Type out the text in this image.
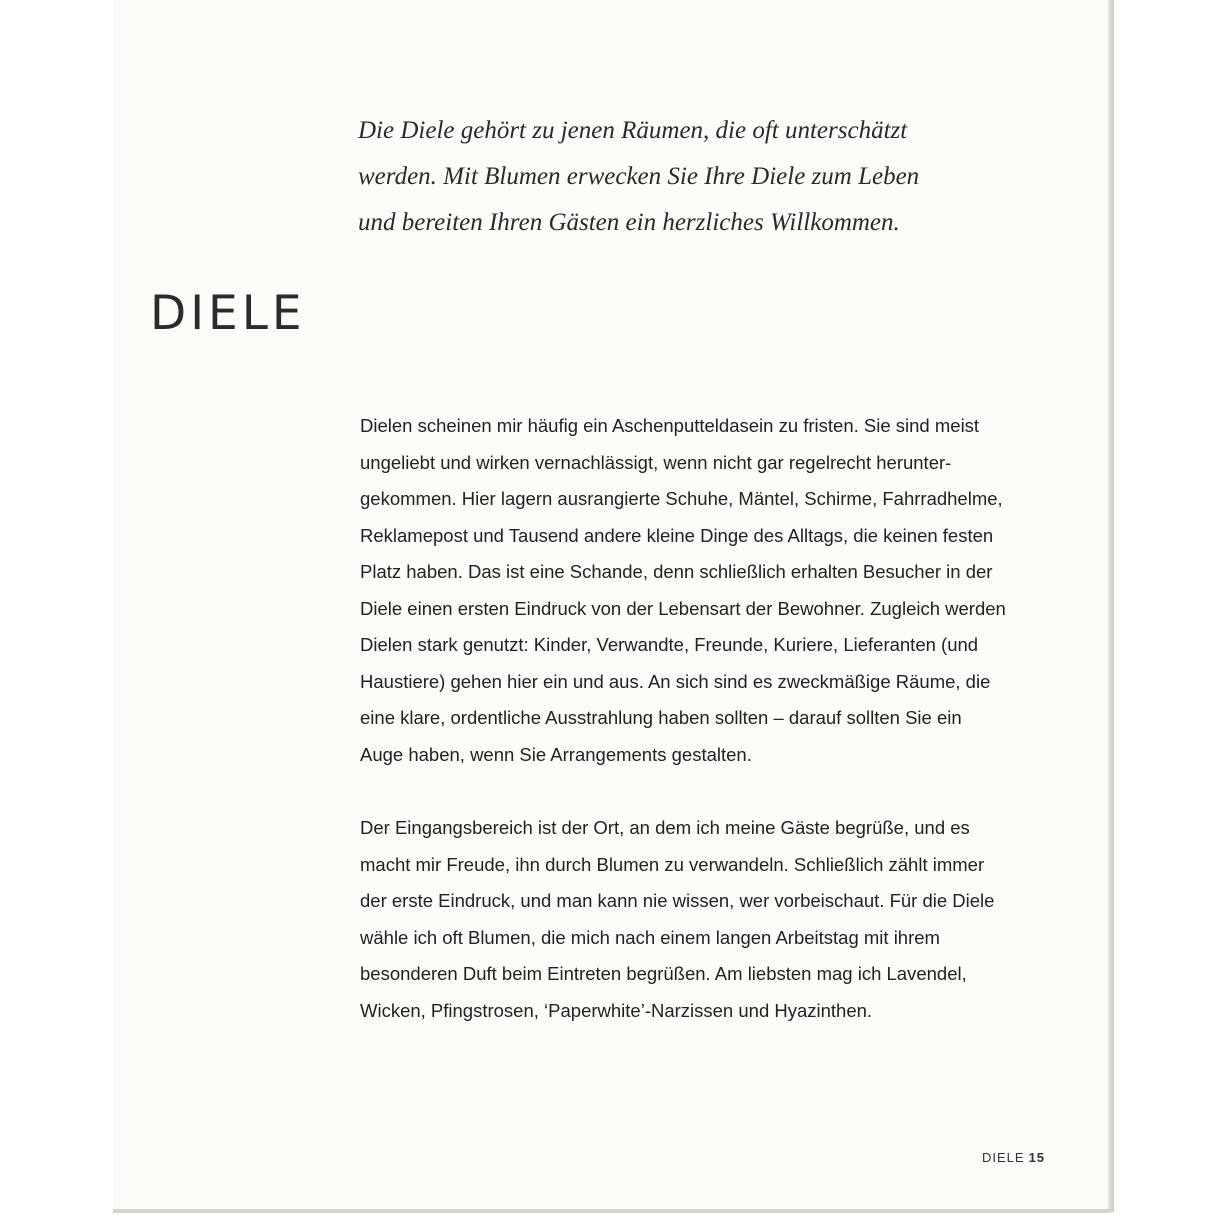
Die Diele gehört zu jenen Räumen, die oft unterschätzt
werden. Mit Blumen erwecken Sie Ihre Diele zum Leben
und bereiten Ihren Gästen ein herzliches Willkommen.

DIELE

Dielen scheinen mir häufig ein Aschenputteldasein zu fristen. Sie sind meist
ungeliebt und wirken vernachlässigt, wenn nicht gar regelrecht herunter-
gekommen. Hier lagern ausrangierte Schuhe, Mäntel, Schirme, Fahrradhelme,
Reklamepost und Tausend andere kleine Dinge des Alltags, die keinen festen
Platz haben. Das ist eine Schande, denn schließlich erhalten Besucher in der
Diele einen ersten Eindruck von der Lebensart der Bewohner. Zugleich werden
Dielen stark genutzt: Kinder, Verwandte, Freunde, Kuriere, Lieferanten (und
Haustiere) gehen hier ein und aus. An sich sind es zweckmäßige Räume, die
eine klare, ordentliche Ausstrahlung haben sollten – darauf sollten Sie ein
Auge haben, wenn Sie Arrangements gestalten.

Der Eingangsbereich ist der Ort, an dem ich meine Gäste begrüße, und es
macht mir Freude, ihn durch Blumen zu verwandeln. Schließlich zählt immer
der erste Eindruck, und man kann nie wissen, wer vorbeischaut. Für die Diele
wähle ich oft Blumen, die mich nach einem langen Arbeitstag mit ihrem
besonderen Duft beim Eintreten begrüßen. Am liebsten mag ich Lavendel,
Wicken, Pfingstrosen, ‘Paperwhite’-Narzissen und Hyazinthen.

DIELE 15
